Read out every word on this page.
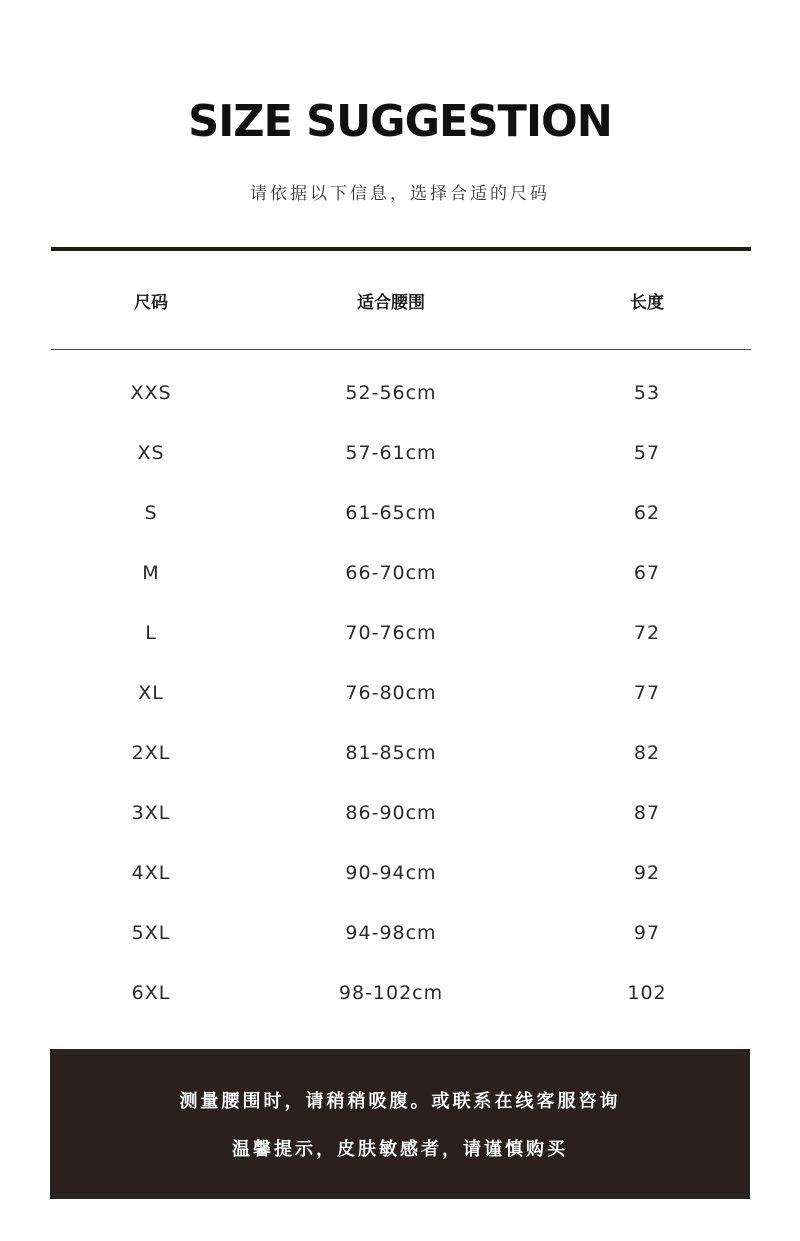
SIZE SUGGESTION
请依据以下信息，选择合适的尺码
尺码	适合腰围	长度
XXS	52-56cm	53
XS	57-61cm	57
S	61-65cm	62
M	66-70cm	67
L	70-76cm	72
XL	76-80cm	77
2XL	81-85cm	82
3XL	86-90cm	87
4XL	90-94cm	92
5XL	94-98cm	97
6XL	98-102cm	102
测量腰围时，请稍稍吸腹。或联系在线客服咨询
温馨提示，皮肤敏感者，请谨慎购买
